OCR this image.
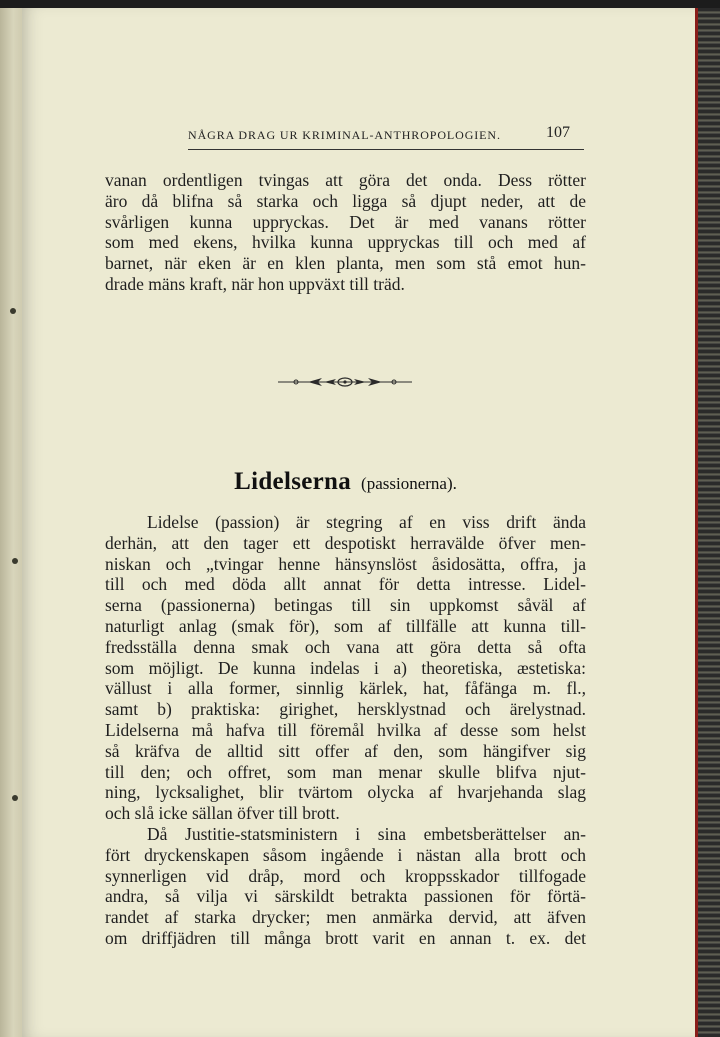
NÅGRA DRAG UR KRIMINAL-ANTHROPOLOGIEN.	107
vanan ordentligen tvingas att göra det onda. Dess rötter
äro då blifna så starka och ligga så djupt neder, att de
svårligen kunna uppryckas. Det är med vanans rötter
som med ekens, hvilka kunna uppryckas till och med af
barnet, när eken är en klen planta, men som stå emot hun-
drade mäns kraft, när hon uppväxt till träd.
Lidelserna (passionerna).
Lidelse (passion) är stegring af en viss drift ända
derhän, att den tager ett despotiskt herravälde öfver men-
niskan och „tvingar henne hänsynslöst åsidosätta, offra, ja
till och med döda allt annat för detta intresse. Lidel-
serna (passionerna) betingas till sin uppkomst såväl af
naturligt anlag (smak för), som af tillfälle att kunna till-
fredsställa denna smak och vana att göra detta så ofta
som möjligt. De kunna indelas i a) theoretiska, æstetiska:
vällust i alla former, sinnlig kärlek, hat, fåfänga m. fl.,
samt b) praktiska: girighet, hersklystnad och ärelystnad.
Lidelserna må hafva till föremål hvilka af desse som helst
så kräfva de alltid sitt offer af den, som hängifver sig
till den; och offret, som man menar skulle blifva njut-
ning, lycksalighet, blir tvärtom olycka af hvarjehanda slag
och slå icke sällan öfver till brott.
Då Justitie-statsministern i sina embetsberättelser an-
fört dryckenskapen såsom ingående i nästan alla brott och
synnerligen vid dråp, mord och kroppsskador tillfogade
andra, så vilja vi särskildt betrakta passionen för förtä-
randet af starka drycker; men anmärka dervid, att äfven
om driffjädren till många brott varit en annan t. ex. det
